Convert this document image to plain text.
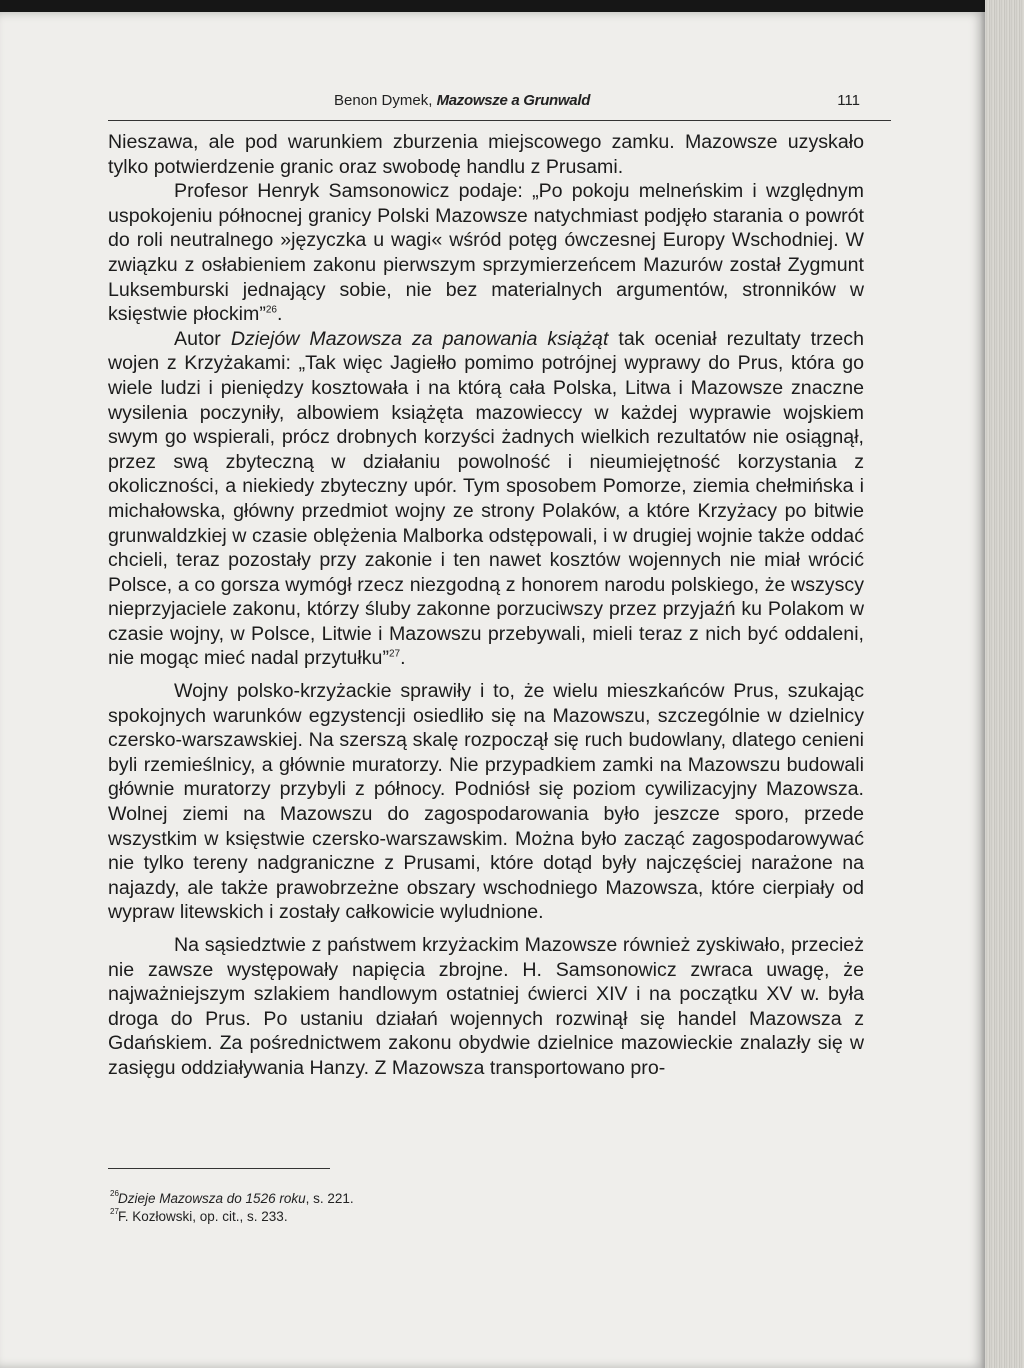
Benon Dymek, Mazowsze a Grunwald	111

Nieszawa, ale pod warunkiem zburzenia miejscowego zamku. Mazowsze uzyskało tylko potwierdzenie granic oraz swobodę handlu z Prusami.

Profesor Henryk Samsonowicz podaje: „Po pokoju melneńskim i względnym uspokojeniu północnej granicy Polski Mazowsze natychmiast podjęło starania o powrót do roli neutralnego »języczka u wagi« wśród potęg ówczesnej Europy Wschodniej. W związku z osłabieniem zakonu pierwszym sprzymierzeńcem Mazurów został Zygmunt Luksemburski jednający sobie, nie bez materialnych argumentów, stronników w księstwie płockim”$^{26}$.

Autor Dziejów Mazowsza za panowania książąt tak oceniał rezultaty trzech wojen z Krzyżakami: „Tak więc Jagiełło pomimo potrójnej wyprawy do Prus, która go wiele ludzi i pieniędzy kosztowała i na którą cała Polska, Litwa i Mazowsze znaczne wysilenia poczyniły, albowiem książęta mazowieccy w każdej wyprawie wojskiem swym go wspierali, prócz drobnych korzyści żadnych wielkich rezultatów nie osiągnął, przez swą zbyteczną w działaniu powolność i nieumiejętność korzystania z okoliczności, a niekiedy zbyteczny upór. Tym sposobem Pomorze, ziemia chełmińska i michałowska, główny przedmiot wojny ze strony Polaków, a które Krzyżacy po bitwie grunwaldzkiej w czasie oblężenia Malborka odstępowali, i w drugiej wojnie także oddać chcieli, teraz pozostały przy zakonie i ten nawet kosztów wojennych nie miał wrócić Polsce, a co gorsza wymógł rzecz niezgodną z honorem narodu polskiego, że wszyscy nieprzyjaciele zakonu, którzy śluby zakonne porzuciwszy przez przyjaźń ku Polakom w czasie wojny, w Polsce, Litwie i Mazowszu przebywali, mieli teraz z nich być oddaleni, nie mogąc mieć nadal przytułku”$^{27}$.

Wojny polsko-krzyżackie sprawiły i to, że wielu mieszkańców Prus, szukając spokojnych warunków egzystencji osiedliło się na Mazowszu, szczególnie w dzielnicy czersko-warszawskiej. Na szerszą skalę rozpoczął się ruch budowlany, dlatego cenieni byli rzemieślnicy, a głównie muratorzy. Nie przypadkiem zamki na Mazowszu budowali głównie muratorzy przybyli z północy. Podniósł się poziom cywilizacyjny Mazowsza. Wolnej ziemi na Mazowszu do zagospodarowania było jeszcze sporo, przede wszystkim w księstwie czersko-warszawskim. Można było zacząć zagospodarowywać nie tylko tereny nadgraniczne z Prusami, które dotąd były najczęściej narażone na najazdy, ale także prawobrzeżne obszary wschodniego Mazowsza, które cierpiały od wypraw litewskich i zostały całkowicie wyludnione.

Na sąsiedztwie z państwem krzyżackim Mazowsze również zyskiwało, przecież nie zawsze występowały napięcia zbrojne. H. Samsonowicz zwraca uwagę, że najważniejszym szlakiem handlowym ostatniej ćwierci XIV i na początku XV w. była droga do Prus. Po ustaniu działań wojennych rozwinął się handel Mazowsza z Gdańskiem. Za pośrednictwem zakonu obydwie dzielnice mazowieckie znalazły się w zasięgu oddziaływania Hanzy. Z Mazowsza transportowano pro-

26 Dzieje Mazowsza do 1526 roku, s. 221.
27 F. Kozłowski, op. cit., s. 233.
